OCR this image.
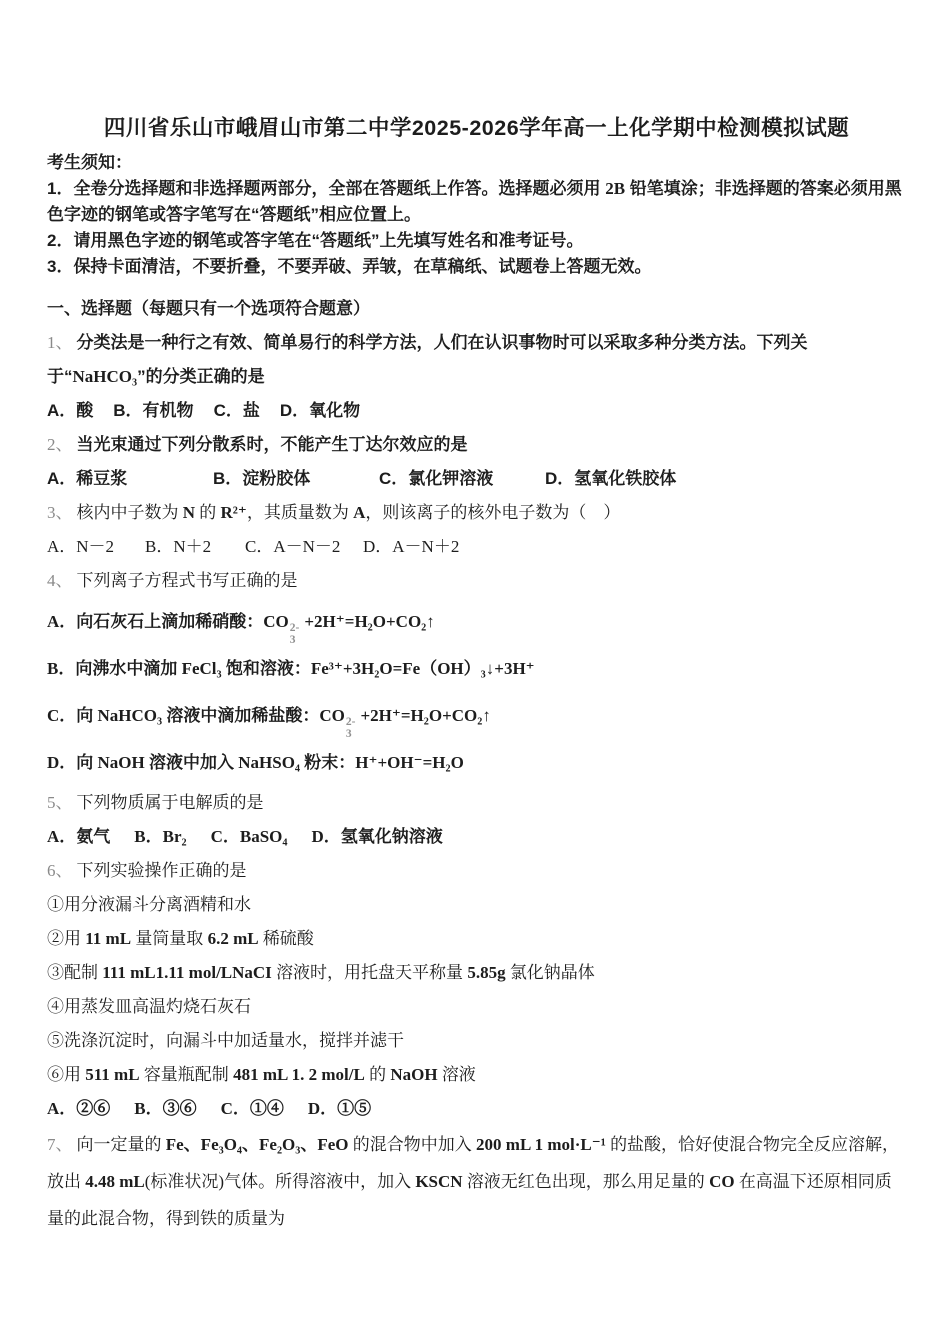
四川省乐山市峨眉山市第二中学2025-2026学年高一上化学期中检测模拟试题

考生须知：

1．全卷分选择题和非选择题两部分，全部在答题纸上作答。选择题必须用 2B 铅笔填涂；非选择题的答案必须用黑色字迹的钢笔或答字笔写在“答题纸”相应位置上。

2．请用黑色字迹的钢笔或答字笔在“答题纸”上先填写姓名和准考证号。

3．保持卡面清洁，不要折叠，不要弄破、弄皱，在草稿纸、试题卷上答题无效。

一、选择题（每题只有一个选项符合题意）

1、 分类法是一种行之有效、简单易行的科学方法，人们在认识事物时可以采取多种分类方法。下列关于“NaHCO₃”的分类正确的是

A．酸 B．有机物 C．盐 D．氧化物

2、 当光束通过下列分散系时，不能产生丁达尔效应的是

A．稀豆浆	B．淀粉胶体	C．氯化钾溶液	D．氢氧化铁胶体

3、 核内中子数为 N 的 R²⁺，其质量数为 A，则该离子的核外电子数为（　）

A．N－2	B．N＋2	C．A－N－2	D．A－N＋2

4、 下列离子方程式书写正确的是

A．向石灰石上滴加稀硝酸：CO 2-
3
+2H⁺=H₂O+CO₂↑

B．向沸水中滴加 FeCl₃ 饱和溶液：Fe³⁺+3H₂O=Fe（OH）₃↓+3H⁺

C．向 NaHCO₃ 溶液中滴加稀盐酸：CO 2-
3
+2H⁺=H₂O+CO₂↑

D．向 NaOH 溶液中加入 NaHSO₄ 粉末：H⁺+OH⁻=H₂O

5、 下列物质属于电解质的是

A．氨气 B．Br₂ C．BaSO₄ D．氢氧化钠溶液

6、 下列实验操作正确的是

①用分液漏斗分离酒精和水

②用 11 mL 量筒量取 6.2 mL 稀硫酸

③配制 111 mL1.11 mol/LNaCI 溶液时，用托盘天平称量 5.85g 氯化钠晶体

④用蒸发皿高温灼烧石灰石

⑤洗涤沉淀时，向漏斗中加适量水，搅拌并滤干

⑥用 511 mL 容量瓶配制 481 mL 1. 2 mol/L 的 NaOH 溶液

A．②⑥ B．③⑥ C．①④ D．①⑤

7、 向一定量的 Fe、Fe₃O₄、Fe₂O₃、FeO 的混合物中加入 200 mL 1 mol·L⁻¹ 的盐酸，恰好使混合物完全反应溶解，放出 4.48 mL(标准状况)气体。所得溶液中，加入 KSCN 溶液无红色出现，那么用足量的 CO 在高温下还原相同质量的此混合物，得到铁的质量为
